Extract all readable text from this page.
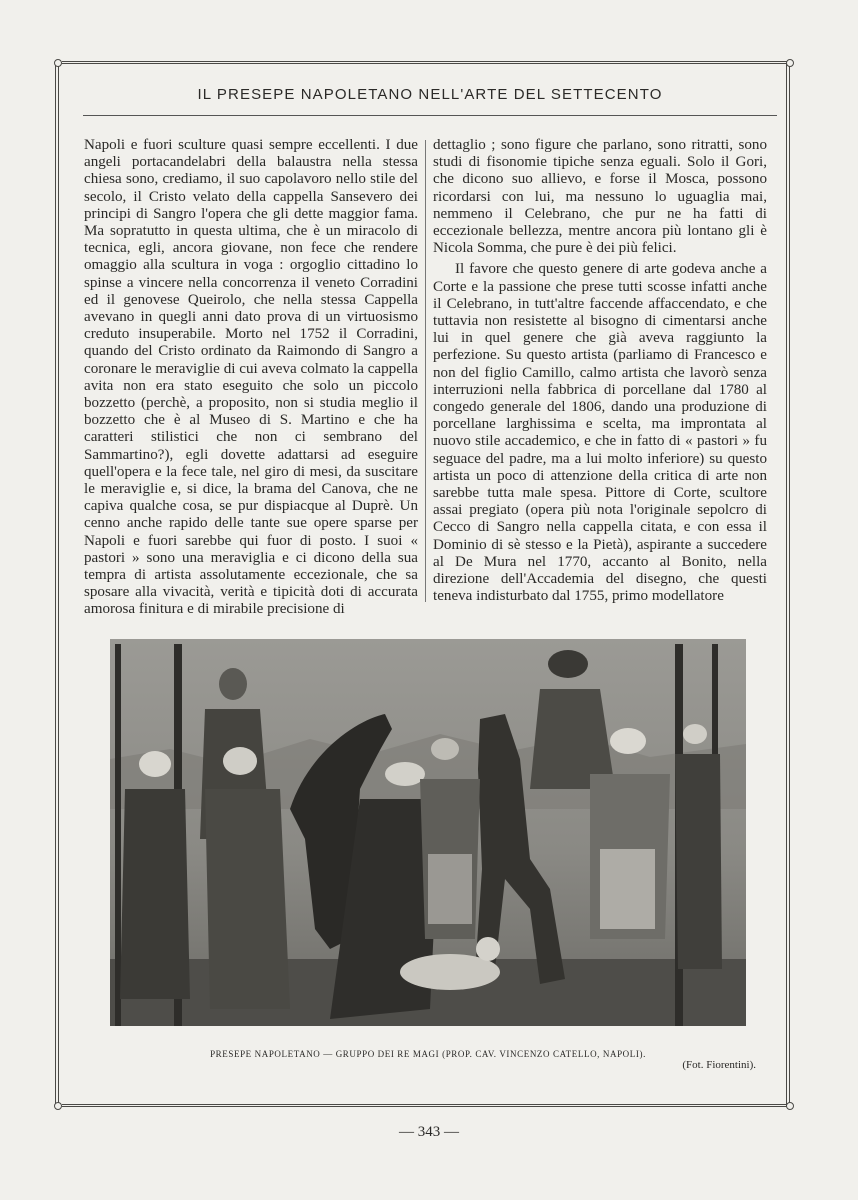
IL PRESEPE NAPOLETANO NELL'ARTE DEL SETTECENTO

Napoli e fuori sculture quasi sempre eccellenti. I due angeli portacandelabri della balaustra nella stessa chiesa sono, crediamo, il suo capolavoro nello stile del secolo, il Cristo velato della cappella Sansevero dei principi di Sangro l'opera che gli dette maggior fama. Ma sopratutto in questa ultima, che è un miracolo di tecnica, egli, ancora giovane, non fece che rendere omaggio alla scultura in voga : orgoglio cittadino lo spinse a vincere nella concorrenza il veneto Corradini ed il genovese Queirolo, che nella stessa Cappella avevano in quegli anni dato prova di un virtuosismo creduto insuperabile. Morto nel 1752 il Corradini, quando del Cristo ordinato da Raimondo di Sangro a coronare le meraviglie di cui aveva colmato la cappella avita non era stato eseguito che solo un piccolo bozzetto (perchè, a proposito, non si studia meglio il bozzetto che è al Museo di S. Martino e che ha caratteri stilistici che non ci sembrano del Sammartino?), egli dovette adattarsi ad eseguire quell'opera e la fece tale, nel giro di mesi, da suscitare le meraviglie e, si dice, la brama del Canova, che ne capiva qualche cosa, se pur dispiacque al Duprè. Un cenno anche rapido delle tante sue opere sparse per Napoli e fuori sarebbe qui fuor di posto. I suoi « pastori » sono una meraviglia e ci dicono della sua tempra di artista assolutamente eccezionale, che sa sposare alla vivacità, verità e tipicità doti di accurata amorosa finitura e di mirabile precisione di

dettaglio ; sono figure che parlano, sono ritratti, sono studi di fisonomie tipiche senza eguali. Solo il Gori, che dicono suo allievo, e forse il Mosca, possono ricordarsi con lui, ma nessuno lo uguaglia mai, nemmeno il Celebrano, che pur ne ha fatti di eccezionale bellezza, mentre ancora più lontano gli è Nicola Somma, che pure è dei più felici.

Il favore che questo genere di arte godeva anche a Corte e la passione che prese tutti scosse infatti anche il Celebrano, in tutt'altre faccende affaccendato, e che tuttavia non resistette al bisogno di cimentarsi anche lui in quel genere che già aveva raggiunto la perfezione. Su questo artista (parliamo di Francesco e non del figlio Camillo, calmo artista che lavorò senza interruzioni nella fabbrica di porcellane dal 1780 al congedo generale del 1806, dando una produzione di porcellane larghissima e scelta, ma improntata al nuovo stile accademico, e che in fatto di « pastori » fu seguace del padre, ma a lui molto inferiore) su questo artista un poco di attenzione della critica di arte non sarebbe tutta male spesa. Pittore di Corte, scultore assai pregiato (opera più nota l'originale sepolcro di Cecco di Sangro nella cappella citata, e con essa il Dominio di sè stesso e la Pietà), aspirante a succedere al De Mura nel 1770, accanto al Bonito, nella direzione dell'Accademia del disegno, che questi teneva indisturbato dal 1755, primo modellatore

PRESEPE NAPOLETANO — GRUPPO DEI RE MAGI (PROP. CAV. VINCENZO CATELLO, NAPOLI).
(Fot. Fiorentini).
— 343 —
